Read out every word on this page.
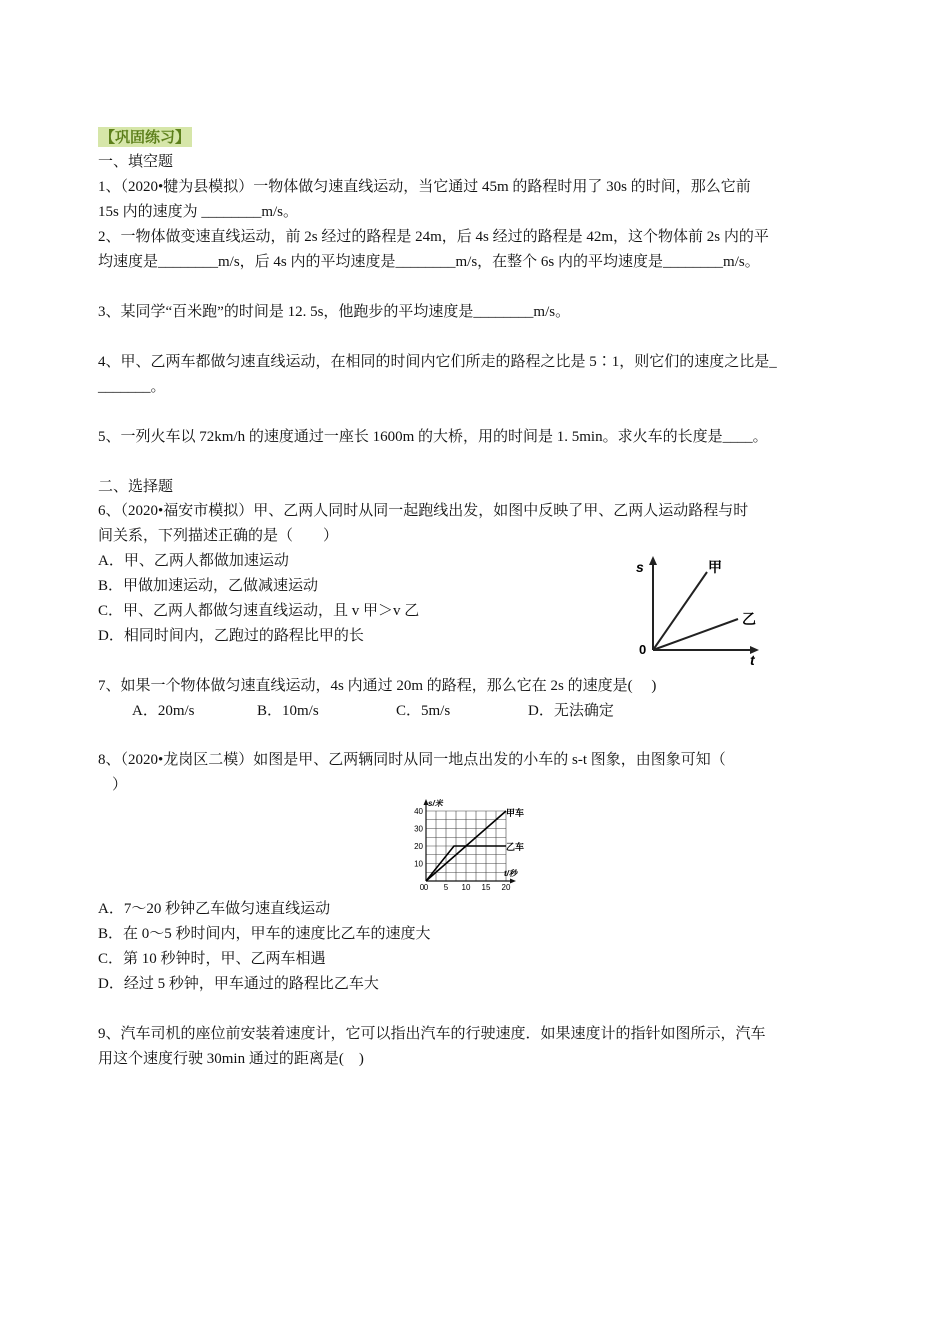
【巩固练习】
一、填空题
1、（2020•犍为县模拟）一物体做匀速直线运动，当它通过 45m 的路程时用了 30s 的时间，那么它前
15s 内的速度为 ________m/s。
2、一物体做变速直线运动，前 2s 经过的路程是 24m，后 4s 经过的路程是 42m，这个物体前 2s 内的平
均速度是________m/s，后 4s 内的平均速度是________m/s，在整个 6s 内的平均速度是________m/s。
3、某同学“百米跑”的时间是 12. 5s，他跑步的平均速度是________m/s。
4、甲、乙两车都做匀速直线运动，在相同的时间内它们所走的路程之比是 5∶1，则它们的速度之比是_
_______。
5、一列火车以 72km/h 的速度通过一座长 1600m 的大桥，用的时间是 1. 5min。求火车的长度是____。
二、选择题
6、（2020•福安市模拟）甲、乙两人同时从同一起跑线出发，如图中反映了甲、乙两人运动路程与时
间关系，下列描述正确的是（　　）
A．甲、乙两人都做加速运动
B．甲做加速运动，乙做减速运动
C．甲、乙两人都做匀速直线运动，且 v 甲＞v 乙
D．相同时间内，乙跑过的路程比甲的长
s
t
0
甲
乙
7、如果一个物体做匀速直线运动，4s 内通过 20m 的路程，那么它在 2s 的速度是(　 )
A．20m/s	B．10m/s	C．5m/s	D．无法确定
8、（2020•龙岗区二模）如图是甲、乙两辆同时从同一地点出发的小车的 s-t 图象，由图象可知（
）
0 5 10 15 20
10
20
30
40
0
s/米
t/秒
甲车
乙车
A．7～20 秒钟乙车做匀速直线运动
B．在 0～5 秒时间内，甲车的速度比乙车的速度大
C．第 10 秒钟时，甲、乙两车相遇
D．经过 5 秒钟，甲车通过的路程比乙车大
9、汽车司机的座位前安装着速度计，它可以指出汽车的行驶速度．如果速度计的指针如图所示，汽车
用这个速度行驶 30min 通过的距离是(　)
